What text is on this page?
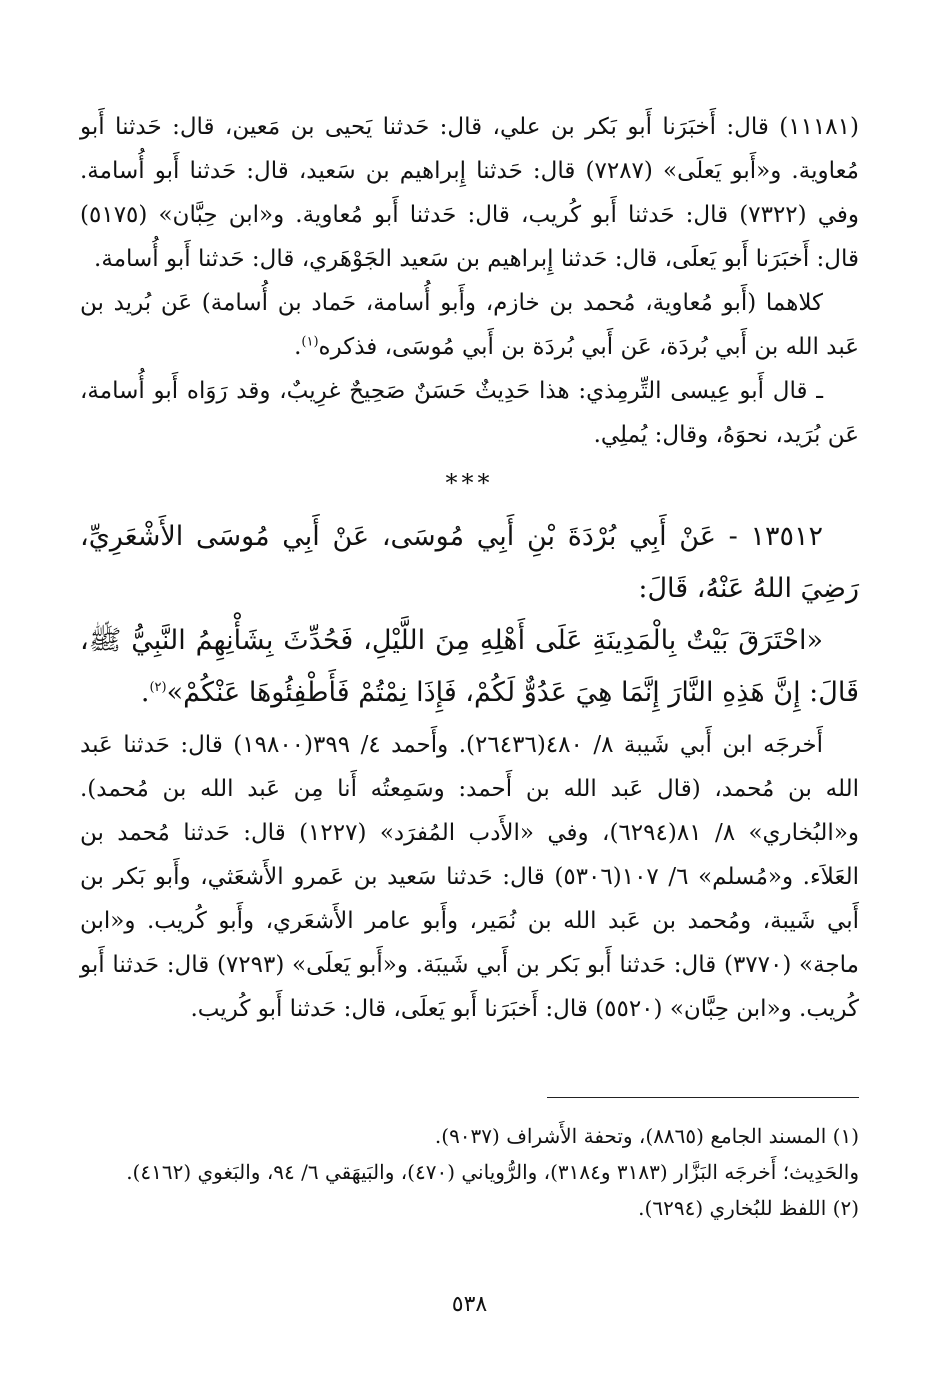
(١١١٨١) قال: أَخبَرَنا أَبو بَكر بن علي، قال: حَدثنا يَحيى بن مَعين، قال: حَدثنا أَبو مُعاوية. و«أَبو يَعلَى» (٧٢٨٧) قال: حَدثنا إِبراهيم بن سَعيد، قال: حَدثنا أَبو أُسامة. وفي (٧٣٢٢) قال: حَدثنا أَبو كُريب، قال: حَدثنا أَبو مُعاوية. و«ابن حِبَّان» (٥١٧٥) قال: أَخبَرَنا أَبو يَعلَى، قال: حَدثنا إِبراهيم بن سَعيد الجَوْهَري، قال: حَدثنا أَبو أُسامة.

كلاهما (أَبو مُعاوية، مُحمد بن خازم، وأَبو أُسامة، حَماد بن أُسامة) عَن بُريد بن عَبد الله بن أَبي بُردَة، عَن أَبي بُردَة بن أَبي مُوسَى، فذكره$^{(١)}$.

ـ قال أَبو عِيسى التِّرمِذي: هذا حَدِيثٌ حَسَنٌ صَحِيحٌ غرِيبٌ، وقد رَوَاه أَبو أُسامة، عَن بُرَيد، نحوَهُ، وقال: يُملِي.

***

١٣٥١٢ - عَنْ أَبِي بُرْدَةَ بْنِ أَبِي مُوسَى، عَنْ أَبِي مُوسَى الأَشْعَرِيِّ، رَضِيَ اللهُ عَنْهُ، قَالَ:

«احْتَرَقَ بَيْتٌ بِالْمَدِينَةِ عَلَى أَهْلِهِ مِنَ اللَّيْلِ، فَحُدِّثَ بِشَأْنِهِمُ النَّبِيُّ ﷺ، قَالَ: إِنَّ هَذِهِ النَّارَ إِنَّمَا هِيَ عَدُوٌّ لَكُمْ، فَإِذَا نِمْتُمْ فَأَطْفِئُوهَا عَنْكُمْ»$^{(٢)}$.

أَخرجَه ابن أَبي شَيبة ٨/ ٤٨٠(٢٦٤٣٦). وأَحمد ٤/ ٣٩٩(١٩٨٠٠) قال: حَدثنا عَبد الله بن مُحمد، (قال عَبد الله بن أَحمد: وسَمِعتُه أَنا مِن عَبد الله بن مُحمد). و«البُخاري» ٨/ ٨١(٦٢٩٤)، وفي «الأَدب المُفرَد» (١٢٢٧) قال: حَدثنا مُحمد بن العَلاَء. و«مُسلم» ٦/ ١٠٧(٥٣٠٦) قال: حَدثنا سَعيد بن عَمرو الأَشعَثي، وأَبو بَكر بن أَبي شَيبة، ومُحمد بن عَبد الله بن نُمَير، وأَبو عامر الأَشعَري، وأَبو كُريب. و«ابن ماجة» (٣٧٧٠) قال: حَدثنا أَبو بَكر بن أَبي شَيبَة. و«أَبو يَعلَى» (٧٢٩٣) قال: حَدثنا أَبو كُريب. و«ابن حِبَّان» (٥٥٢٠) قال: أَخبَرَنا أَبو يَعلَى، قال: حَدثنا أَبو كُريب.

(١) المسند الجامع (٨٨٦٥)، وتحفة الأَشراف (٩٠٣٧).

والحَدِيث؛ أَخرجَه البَزَّار (٣١٨٣ و٣١٨٤)، والرُّوياني (٤٧٠)، والبَيهَقي ٦/ ٩٤، والبَغوي (٤١٦٢).

(٢) اللفظ للبُخاري (٦٢٩٤).

٥٣٨
